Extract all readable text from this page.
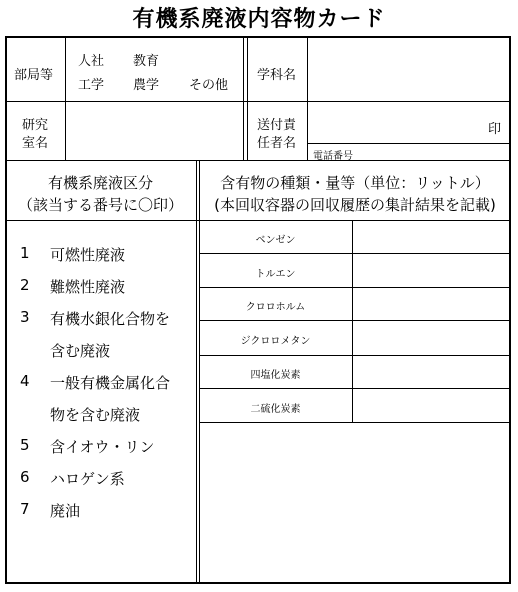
有機系廃液内容物カード
部局等
人社 教育
工学 農学 その他
学科名
研究
室名
送付責
任者名
印
電話番号
有機系廃液区分
（該当する番号に〇印）
含有物の種類・量等（単位：リットル）
(本回収容器の回収履歴の集計結果を記載)
1 可燃性廃液
2 難燃性廃液
3 有機水銀化合物を
含む廃液
4 一般有機金属化合
物を含む廃液
5 含イオウ・リン
6 ハロゲン系
7 廃油
ベンゼン
トルエン
クロロホルム
ジクロロメタン
四塩化炭素
二硫化炭素
